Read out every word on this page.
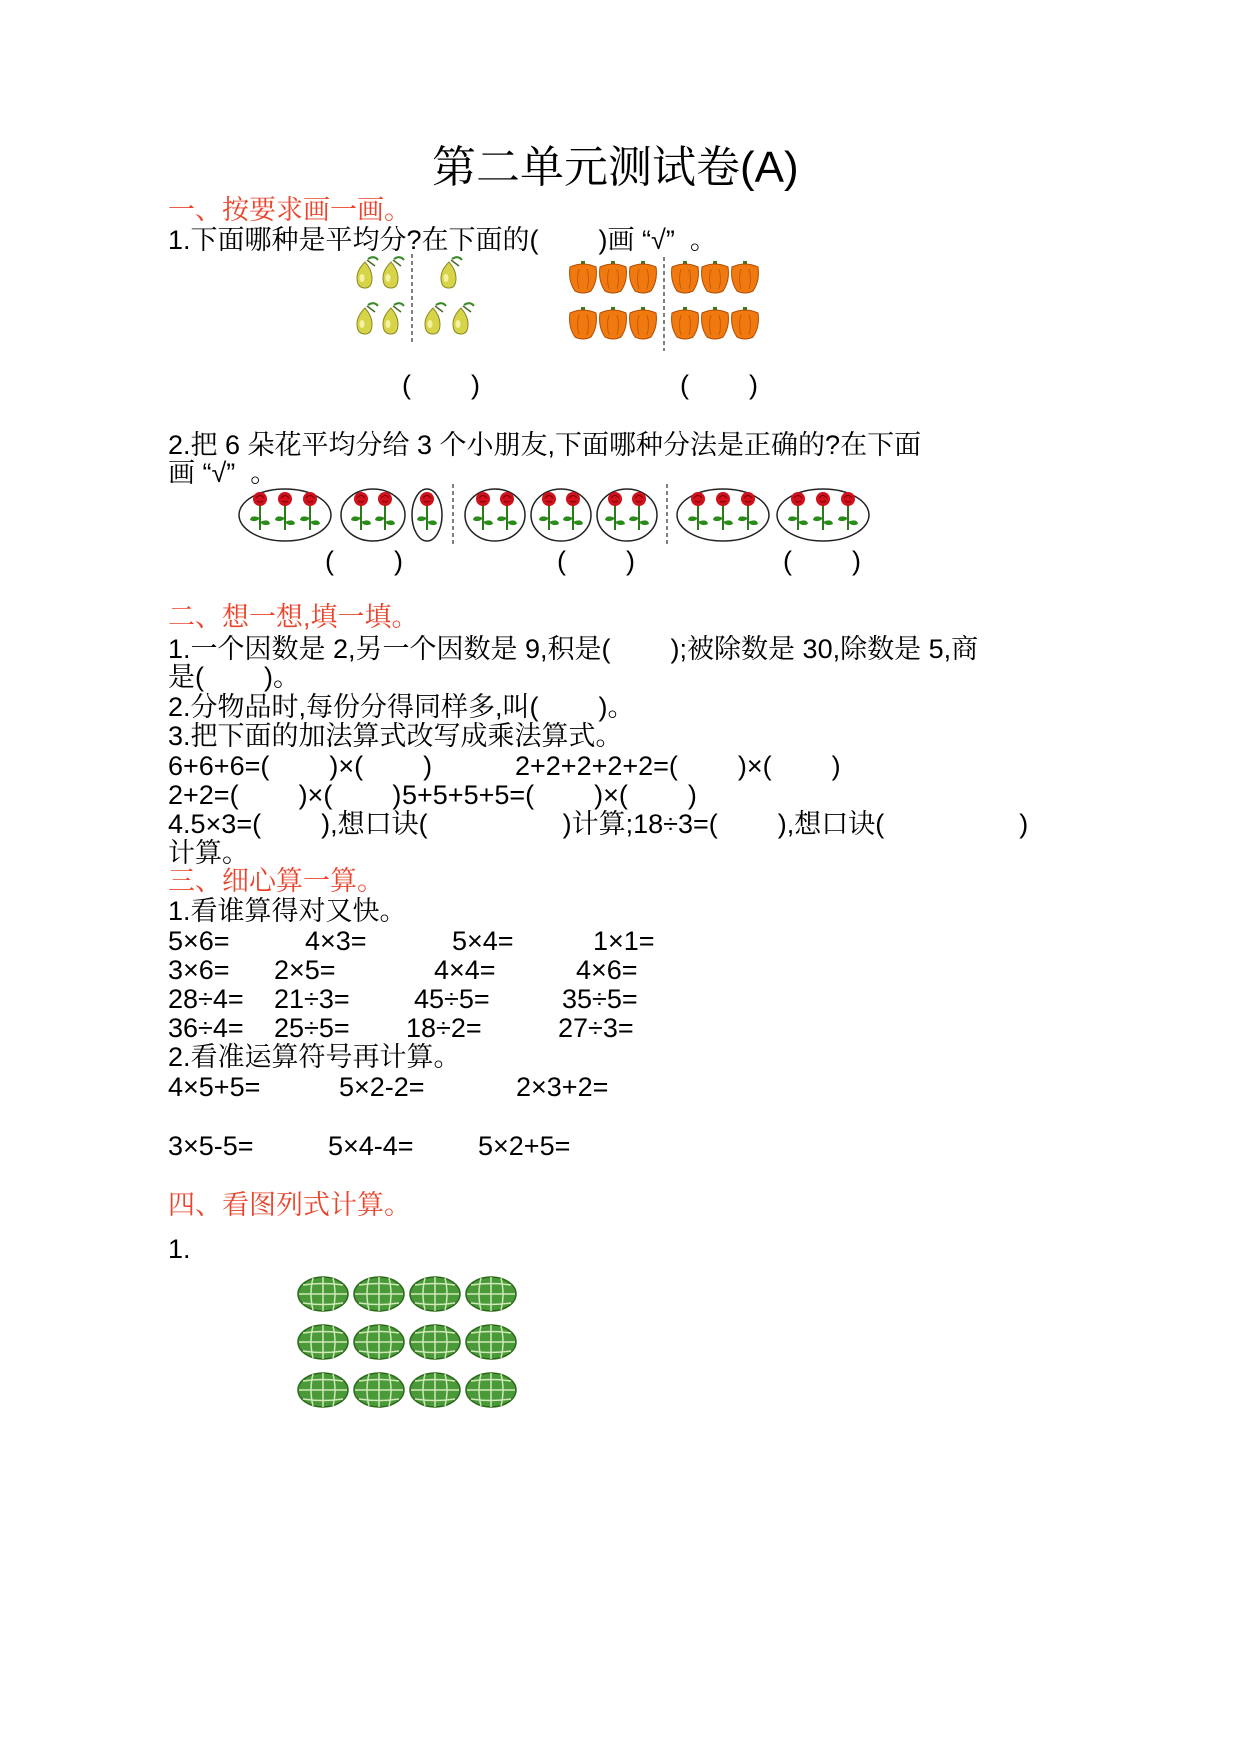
第二单元测试卷(A)
一、按要求画一画。
1.下面哪种是平均分?在下面的(        )画 “√”  。
(        )	(        )
2.把 6 朵花平均分给 3 个小朋友,下面哪种分法是正确的?在下面
画 “√”  。
(        )	(        )	(        )
二、想一想,填一填。
1.一个因数是 2,另一个因数是 9,积是(        );被除数是 30,除数是 5,商
是(        )。
2.分物品时,每份分得同样多,叫(        )。
3.把下面的加法算式改写成乘法算式。
6+6+6=(        )×(        )	2+2+2+2+2=(        )×(        )
2+2=(        )×(        ) 5+5+5+5=(        )×(        )
4.5×3=(        ),想口诀(                  )计算;18÷3=(        ),想口诀(                  )
计算。
三、细心算一算。
1.看谁算得对又快。
5×6=	4×3=	5×4=	1×1=
3×6= 2×5=	4×4=	4×6=
28÷4= 21÷3= 45÷5=	35÷5=
36÷4= 25÷5= 18÷2=	27÷3=
2.看准运算符号再计算。
4×5+5=	5×2-2=	2×3+2=
3×5-5=	5×4-4= 5×2+5=
四、看图列式计算。
1.
